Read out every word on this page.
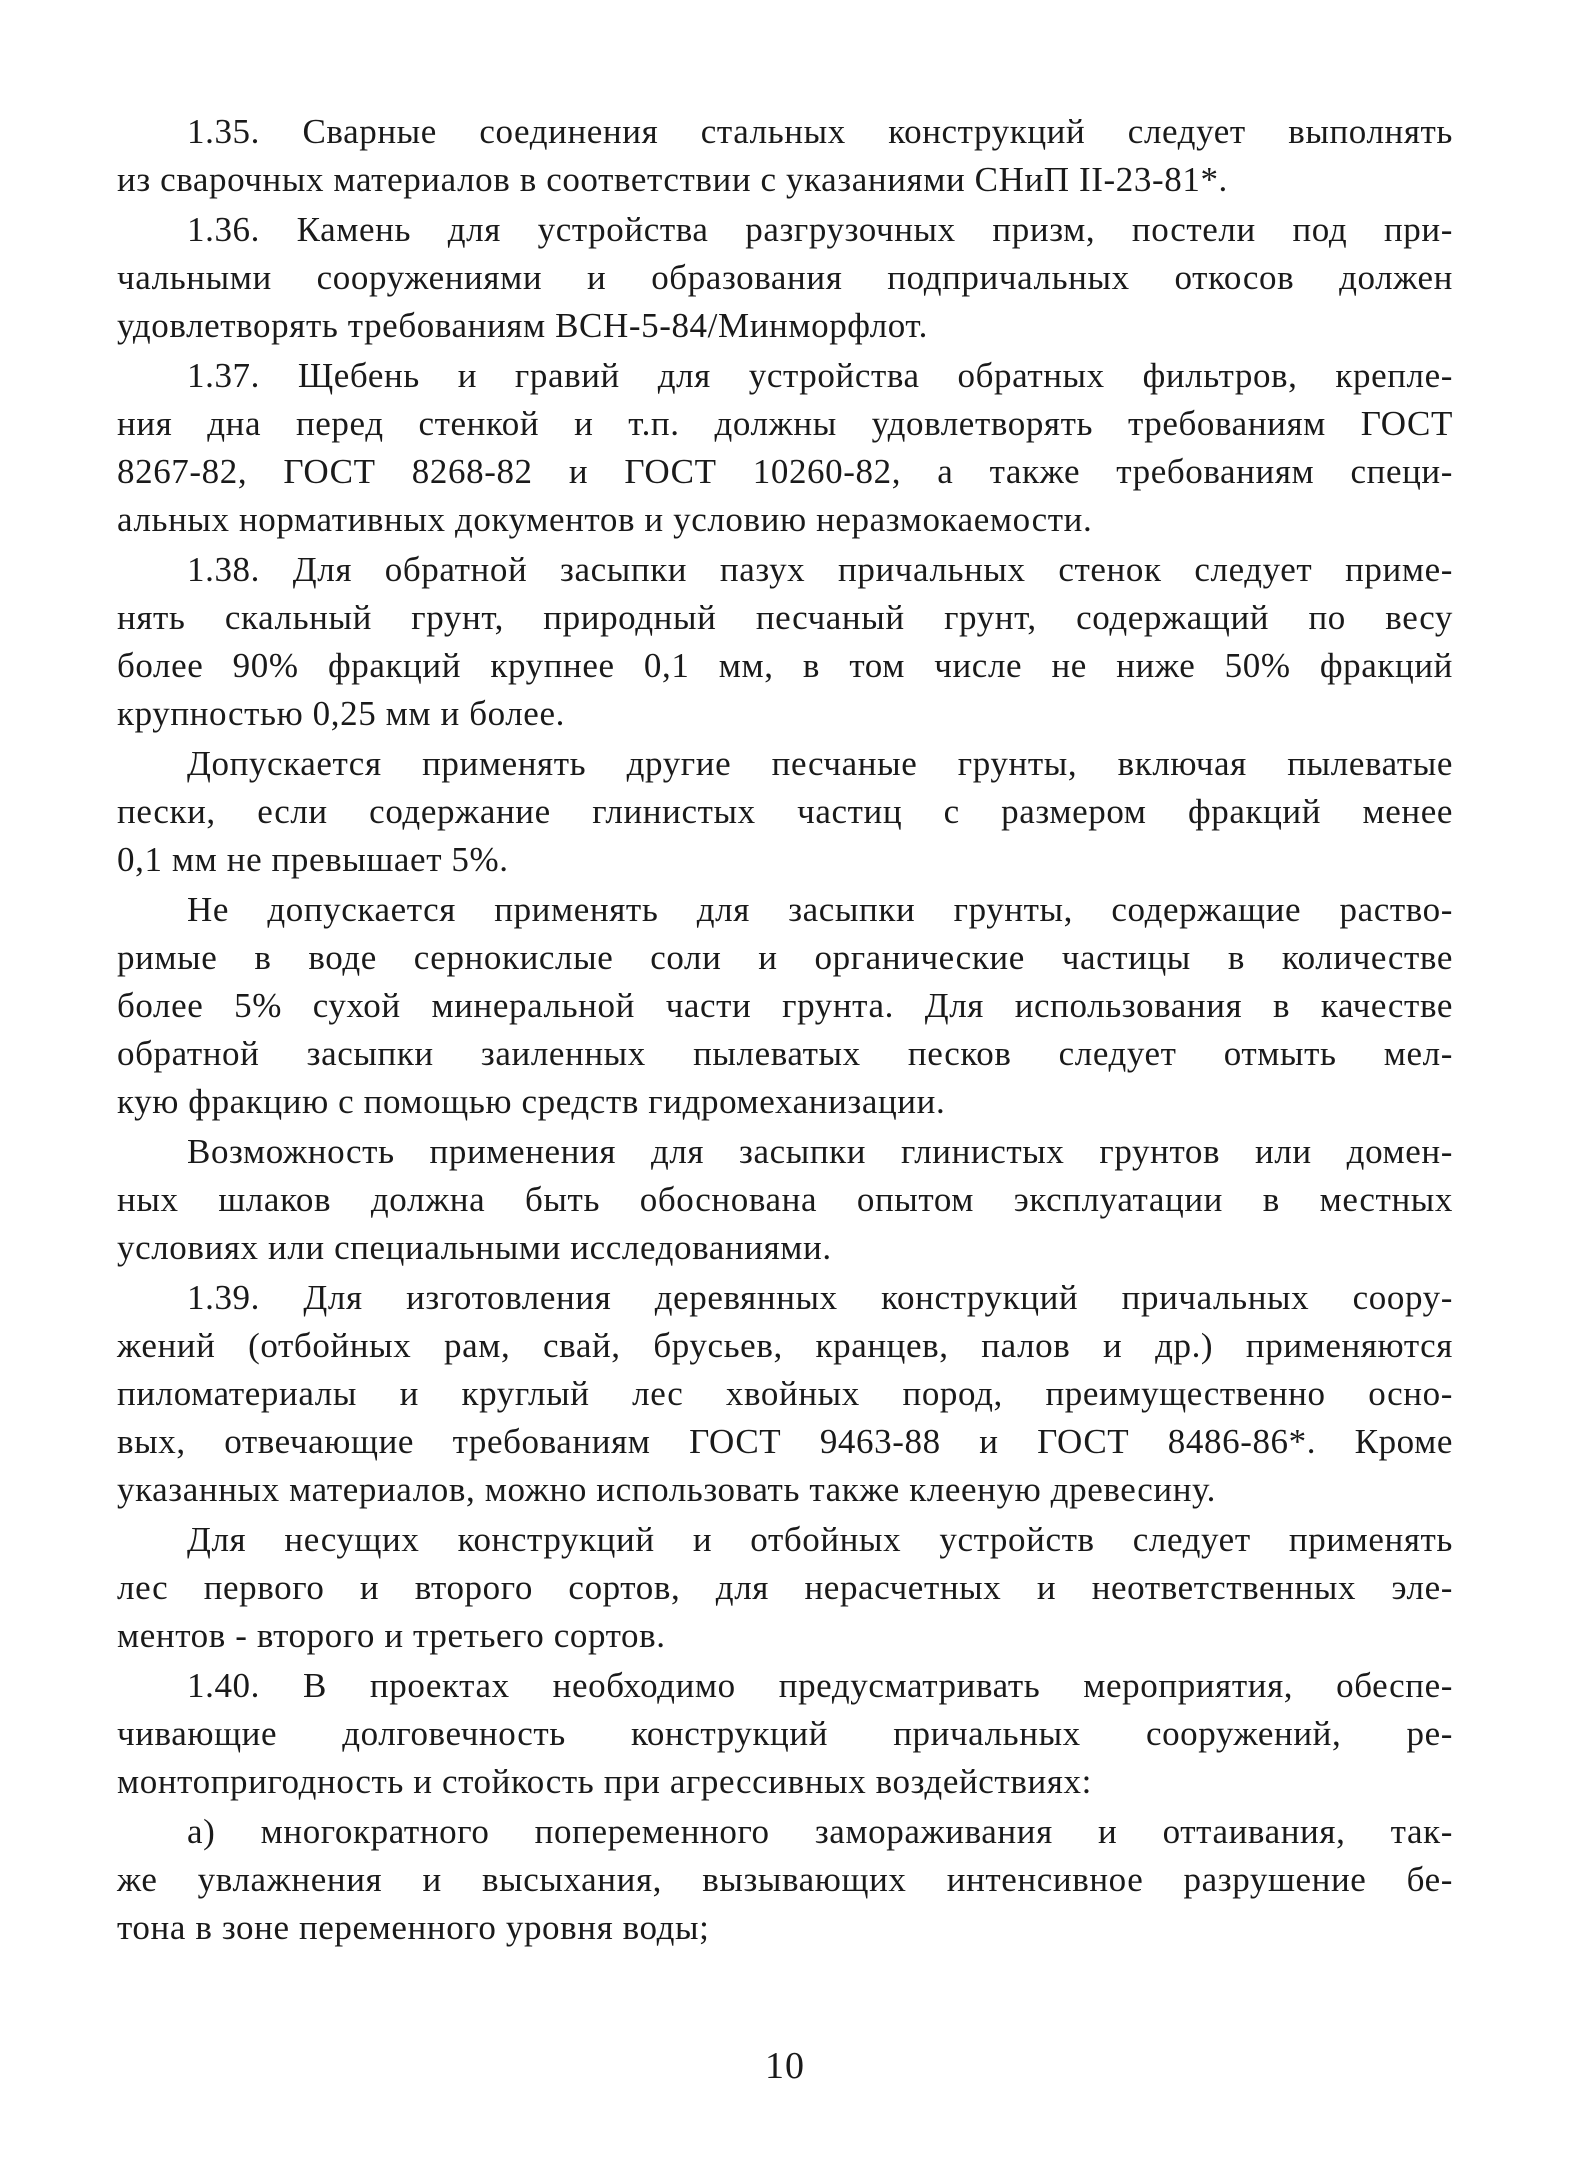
1.35. Сварные соединения стальных конструкций следует выполнять
из сварочных материалов в соответствии с указаниями СНиП II-23-81*.
1.36. Камень для устройства разгрузочных призм, постели под при-
чальными сооружениями и образования подпричальных откосов должен
удовлетворять требованиям ВСН-5-84/Минморфлот.
1.37. Щебень и гравий для устройства обратных фильтров, крепле-
ния дна перед стенкой и т.п. должны удовлетворять требованиям ГОСТ
8267-82, ГОСТ 8268-82 и ГОСТ 10260-82, а также требованиям специ-
альных нормативных документов и условию неразмокаемости.
1.38. Для обратной засыпки пазух причальных стенок следует приме-
нять скальный грунт, природный песчаный грунт, содержащий по весу
более 90% фракций крупнее 0,1 мм, в том числе не ниже 50% фракций
крупностью 0,25 мм и более.
Допускается применять другие песчаные грунты, включая пылеватые
пески, если содержание глинистых частиц с размером фракций менее
0,1 мм не превышает 5%.
Не допускается применять для засыпки грунты, содержащие раство-
римые в воде сернокислые соли и органические частицы в количестве
более 5% сухой минеральной части грунта. Для использования в качестве
обратной засыпки заиленных пылеватых песков следует отмыть мел-
кую фракцию с помощью средств гидромеханизации.
Возможность применения для засыпки глинистых грунтов или домен-
ных шлаков должна быть обоснована опытом эксплуатации в местных
условиях или специальными исследованиями.
1.39. Для изготовления деревянных конструкций причальных соору-
жений (отбойных рам, свай, брусьев, кранцев, палов и др.) применяются
пиломатериалы и круглый лес хвойных пород, преимущественно осно-
вых, отвечающие требованиям ГОСТ 9463-88 и ГОСТ 8486-86*. Кроме
указанных материалов, можно использовать также клееную древесину.
Для несущих конструкций и отбойных устройств следует применять
лес первого и второго сортов, для нерасчетных и неответственных эле-
ментов - второго и третьего сортов.
1.40. В проектах необходимо предусматривать мероприятия, обеспе-
чивающие долговечность конструкций причальных сооружений, ре-
монтопригодность и стойкость при агрессивных воздействиях:
а) многократного попеременного замораживания и оттаивания, так-
же увлажнения и высыхания, вызывающих интенсивное разрушение бе-
тона в зоне переменного уровня воды;
10
